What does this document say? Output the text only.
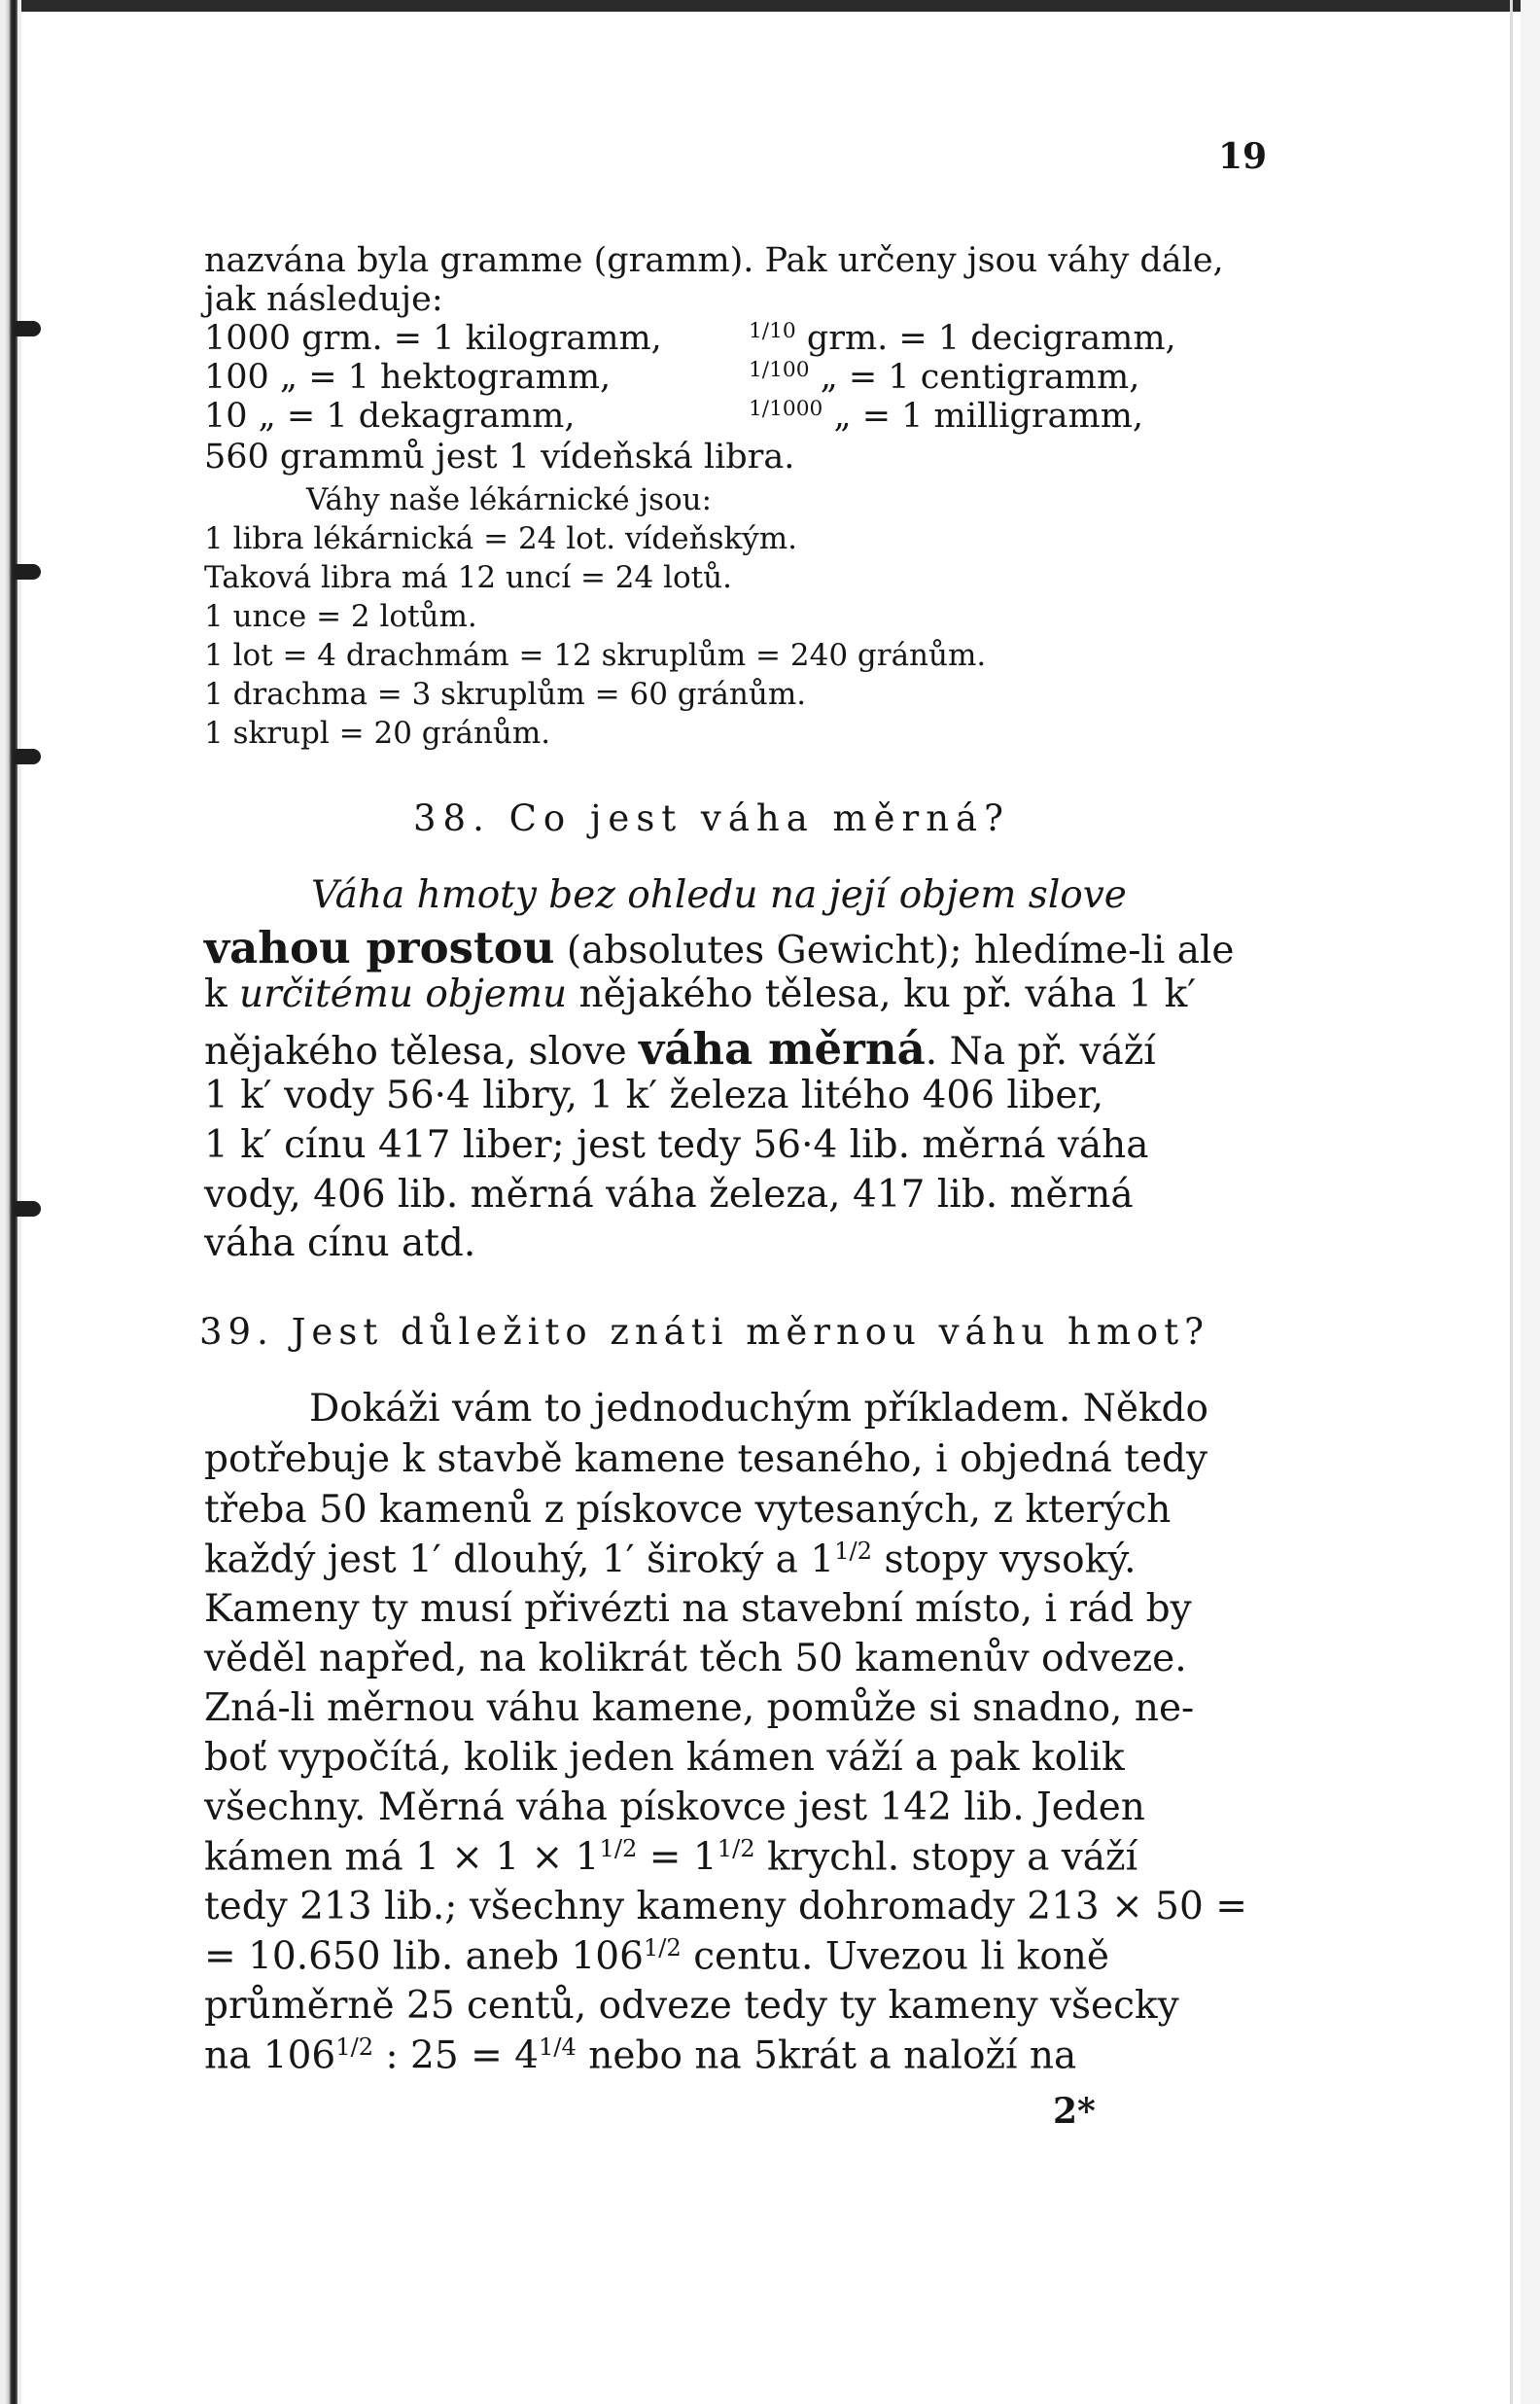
19
nazvána byla gramme (gramm). Pak určeny jsou váhy dále,
jak následuje:
1000 grm. = 1 kilogramm,	$^{1/10}$ grm. = 1 decigramm,
100 „ = 1 hektogramm,	$^{1/100}$ „ = 1 centigramm,
10 „ = 1 dekagramm,	$^{1/1000}$ „ = 1 milligramm,
560 grammů jest 1 vídeňská libra.
Váhy naše lékárnické jsou:
1 libra lékárnická = 24 lot. vídeňským.
Taková libra má 12 uncí = 24 lotů.
1 unce = 2 lotům.
1 lot = 4 drachmám = 12 skruplům = 240 gránům.
1 drachma = 3 skruplům = 60 gránům.
1 skrupl = 20 gránům.
38. Co jest váha měrná?
Váha hmoty bez ohledu na její objem slove
vahou prostou (absolutes Gewicht); hledíme-li ale
k určitému objemu nějakého tělesa, ku př. váha 1 k′
nějakého tělesa, slove váha měrná. Na př. váží
1 k′ vody 56·4 libry, 1 k′ železa litého 406 liber,
1 k′ cínu 417 liber; jest tedy 56·4 lib. měrná váha
vody, 406 lib. měrná váha železa, 417 lib. měrná
váha cínu atd.
39. Jest důležito znáti měrnou váhu hmot?
Dokáži vám to jednoduchým příkladem. Někdo
potřebuje k stavbě kamene tesaného, i objedná tedy
třeba 50 kamenů z pískovce vytesaných, z kterých
každý jest 1′ dlouhý, 1′ široký a $1^{1/2}$ stopy vysoký.
Kameny ty musí přivézti na stavební místo, i rád by
věděl napřed, na kolikrát těch 50 kamenův odveze.
Zná-li měrnou váhu kamene, pomůže si snadno, ne-
boť vypočítá, kolik jeden kámen váží a pak kolik
všechny. Měrná váha pískovce jest 142 lib. Jeden
kámen má $1 \times 1 \times 1^{1/2} = 1^{1/2}$ krychl. stopy a váží
tedy 213 lib.; všechny kameny dohromady 213 × 50 =
= 10.650 lib. aneb $106^{1/2}$ centu. Uvezou li koně
průměrně 25 centů, odveze tedy ty kameny všecky
na $106^{1/2}$ : $25 = 4^{1/4}$ nebo na 5krát a naloží na
2*
